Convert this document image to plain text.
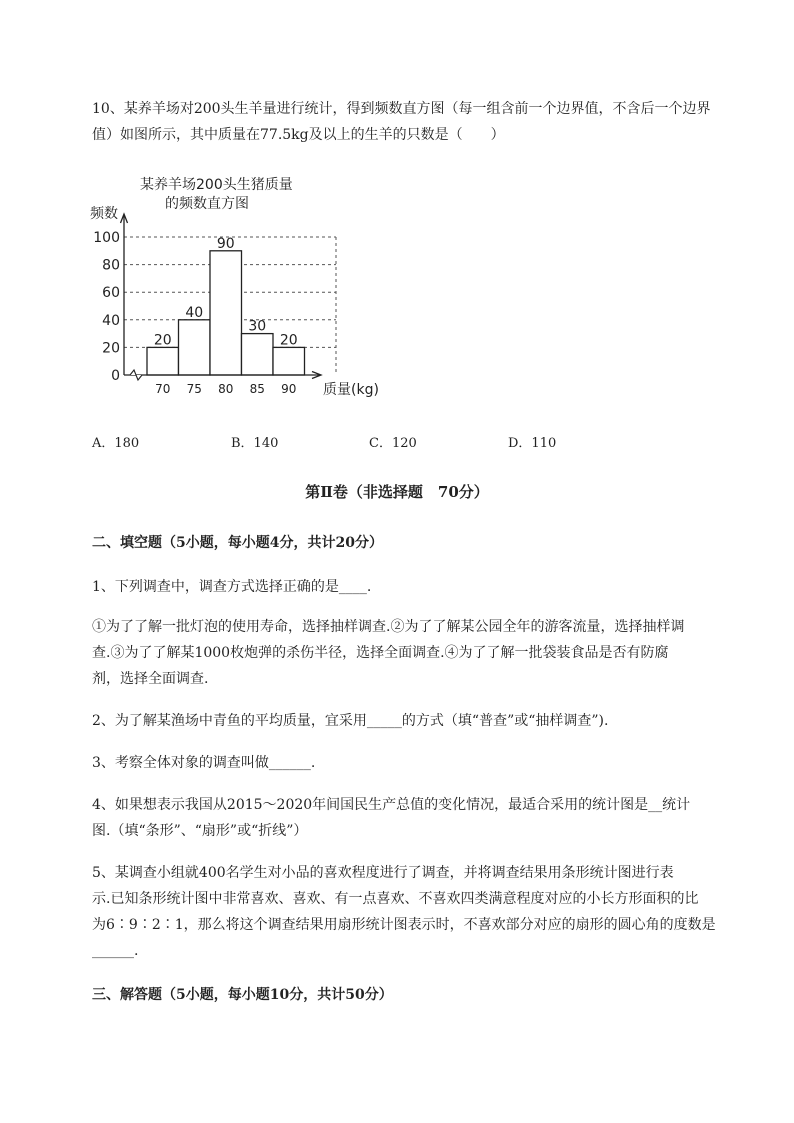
10、某养羊场对200头生羊量进行统计，得到频数直方图（每一组含前一个边界值，不含后一个边界

值）如图所示，其中质量在77.5kg及以上的生羊的只数是（　　）

某养羊场200头生猪质量
的频数直方图
频数
20
40
90
30
20
0
20
40
60
80
100
70 75 80 85 90 质量(kg)
A．180	B．140	C．120	D．110
第Ⅱ卷（非选择题　70分）

二、填空题（5小题，每小题4分，共计20分）

1、下列调查中，调查方式选择正确的是____.

①为了了解一批灯泡的使用寿命，选择抽样调查.②为了了解某公园全年的游客流量，选择抽样调

查.③为了了解某1000枚炮弹的杀伤半径，选择全面调查.④为了了解一批袋装食品是否有防腐

剂，选择全面调查.

2、为了解某渔场中青鱼的平均质量，宜采用_____的方式（填“普查”或“抽样调查”).

3、考察全体对象的调查叫做______.

4、如果想表示我国从2015～2020年间国民生产总值的变化情况，最适合采用的统计图是__统计

图.（填“条形”、“扇形”或“折线”）

5、某调查小组就400名学生对小品的喜欢程度进行了调查，并将调查结果用条形统计图进行表

示.已知条形统计图中非常喜欢、喜欢、有一点喜欢、不喜欢四类满意程度对应的小长方形面积的比

为6∶9∶2∶1，那么将这个调查结果用扇形统计图表示时，不喜欢部分对应的扇形的圆心角的度数是

______.

三、解答题（5小题，每小题10分，共计50分）
